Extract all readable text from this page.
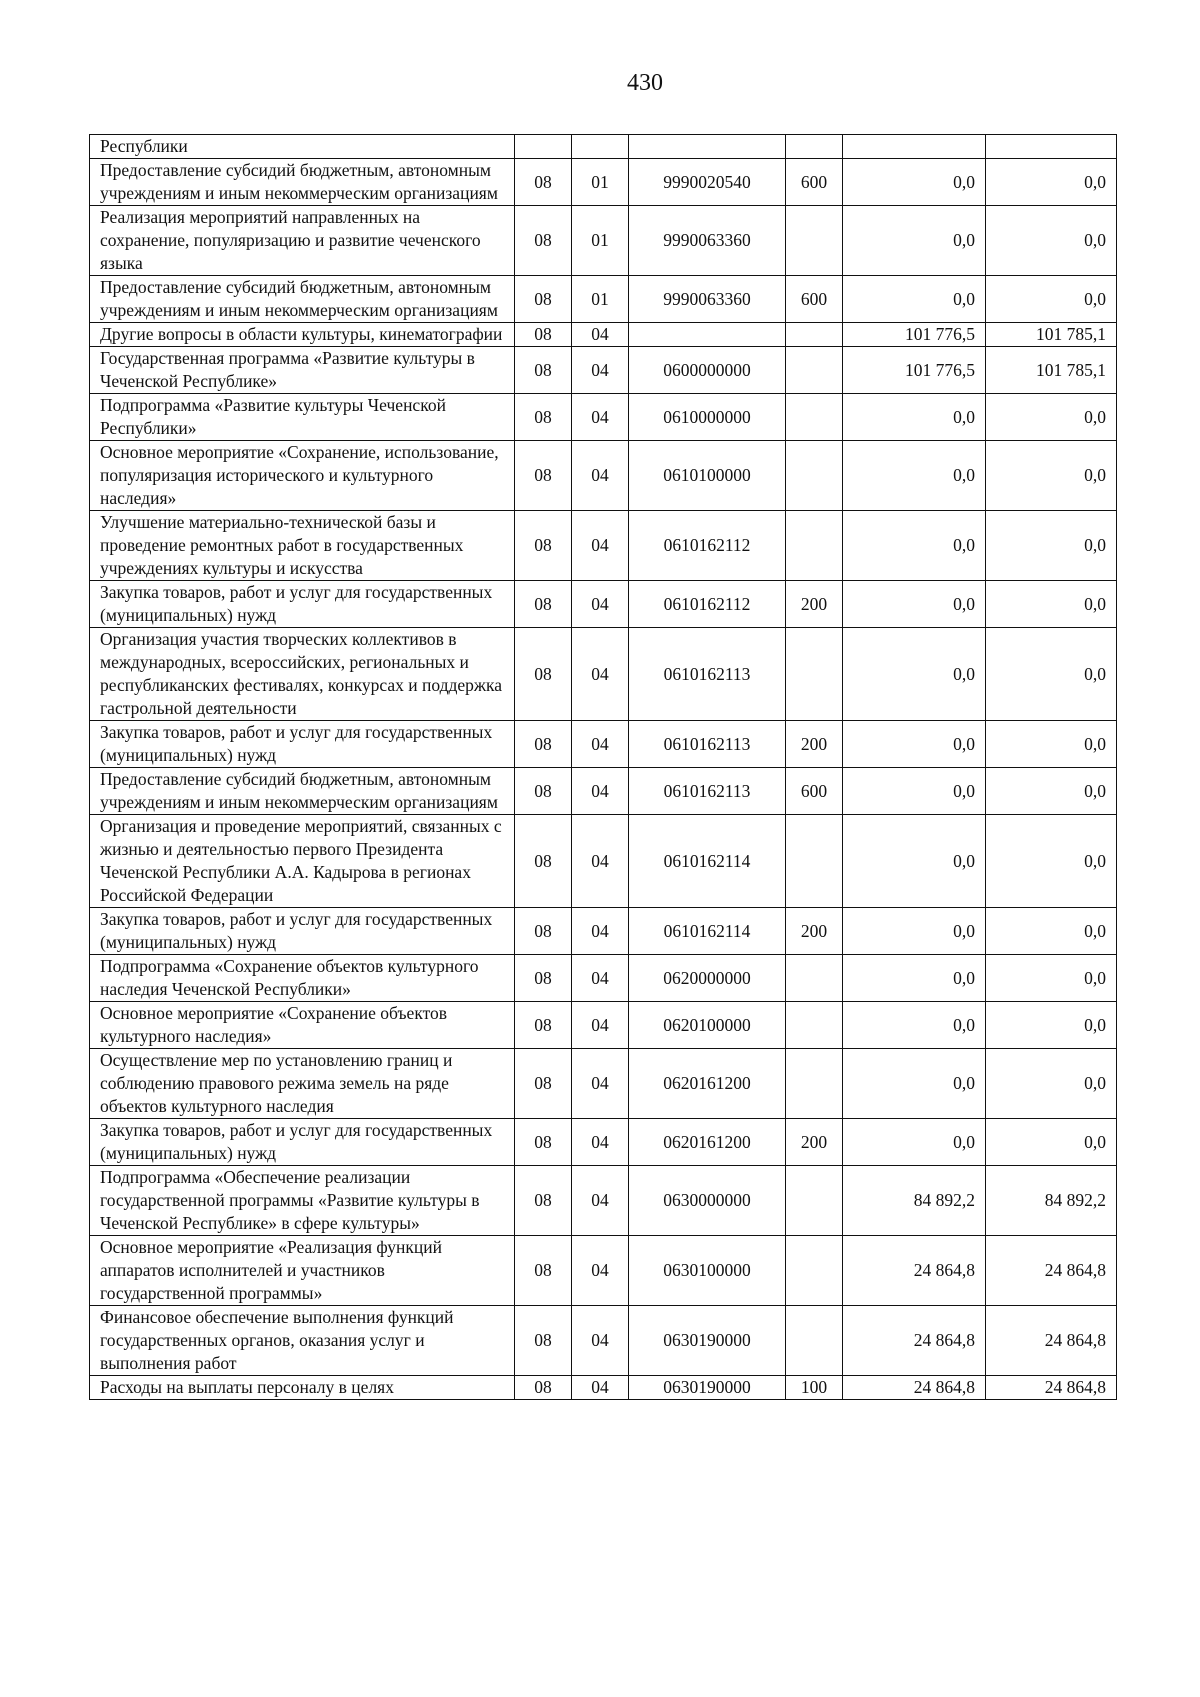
430
Республики						
Предоставление субсидий бюджетным, автономным учреждениям и иным некоммерческим организациям	08	01	9990020540	600	0,0	0,0
Реализация мероприятий направленных на сохранение, популяризацию и развитие чеченского языка	08	01	9990063360		0,0	0,0
Предоставление субсидий бюджетным, автономным учреждениям и иным некоммерческим организациям	08	01	9990063360	600	0,0	0,0
Другие вопросы в области культуры, кинематографии	08	04			101 776,5	101 785,1
Государственная программа «Развитие культуры в Чеченской Республике»	08	04	0600000000		101 776,5	101 785,1
Подпрограмма «Развитие культуры Чеченской Республики»	08	04	0610000000		0,0	0,0
Основное мероприятие «Сохранение, использование, популяризация исторического и культурного наследия»	08	04	0610100000		0,0	0,0
Улучшение материально-технической базы и проведение ремонтных работ в государственных учреждениях культуры и искусства	08	04	0610162112		0,0	0,0
Закупка товаров, работ и услуг для государственных (муниципальных) нужд	08	04	0610162112	200	0,0	0,0
Организация участия творческих коллективов в международных, всероссийских, региональных и республиканских фестивалях, конкурсах и поддержка гастрольной деятельности	08	04	0610162113		0,0	0,0
Закупка товаров, работ и услуг для государственных (муниципальных) нужд	08	04	0610162113	200	0,0	0,0
Предоставление субсидий бюджетным, автономным учреждениям и иным некоммерческим организациям	08	04	0610162113	600	0,0	0,0
Организация и проведение мероприятий, связанных с жизнью и деятельностью первого Президента Чеченской Республики А.А. Кадырова в регионах Российской Федерации	08	04	0610162114		0,0	0,0
Закупка товаров, работ и услуг для государственных (муниципальных) нужд	08	04	0610162114	200	0,0	0,0
Подпрограмма «Сохранение объектов культурного наследия Чеченской Республики»	08	04	0620000000		0,0	0,0
Основное мероприятие «Сохранение объектов культурного наследия»	08	04	0620100000		0,0	0,0
Осуществление мер по установлению границ и соблюдению правового режима земель на ряде объектов культурного наследия	08	04	0620161200		0,0	0,0
Закупка товаров, работ и услуг для государственных (муниципальных) нужд	08	04	0620161200	200	0,0	0,0
Подпрограмма «Обеспечение реализации государственной программы «Развитие культуры в Чеченской Республике» в сфере культуры»	08	04	0630000000		84 892,2	84 892,2
Основное мероприятие «Реализация функций аппаратов исполнителей и участников государственной программы»	08	04	0630100000		24 864,8	24 864,8
Финансовое обеспечение выполнения функций государственных органов, оказания услуг и выполнения работ	08	04	0630190000		24 864,8	24 864,8
Расходы на выплаты персоналу в целях	08	04	0630190000	100	24 864,8	24 864,8
